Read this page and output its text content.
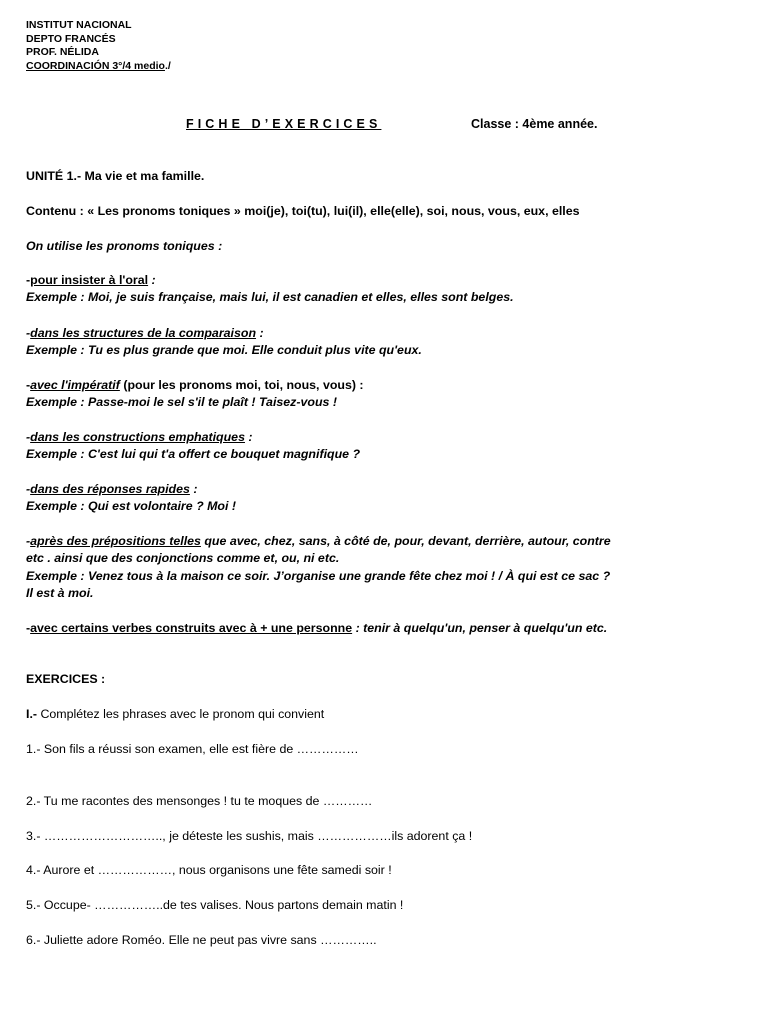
INSTITUT NACIONAL
DEPTO FRANCÉS
PROF. NÉLIDA
COORDINACIÓN 3°/4 medio./
FICHE D’EXERCICES	Classe : 4ème année.
UNITÉ 1.- Ma vie et ma famille.
Contenu : « Les pronoms toniques » moi(je), toi(tu), lui(il), elle(elle), soi, nous, vous, eux, elles
On utilise les pronoms toniques :
-pour insister à l'oral :
Exemple : Moi, je suis française, mais lui, il est canadien et elles, elles sont belges.
-dans les structures de la comparaison :
Exemple : Tu es plus grande que moi. Elle conduit plus vite qu'eux.
-avec l'impératif (pour les pronoms moi, toi, nous, vous) :
Exemple : Passe-moi le sel s'il te plaît ! Taisez-vous !
-dans les constructions emphatiques :
Exemple : C'est lui qui t'a offert ce bouquet magnifique ?
-dans des réponses rapides :
Exemple : Qui est volontaire ? Moi !
-après des prépositions telles que avec, chez, sans, à côté de, pour, devant, derrière, autour, contre
etc . ainsi que des conjonctions comme et, ou, ni etc.
Exemple : Venez tous à la maison ce soir. J’organise une grande fête chez moi ! / À qui est ce sac ?
Il est à moi.
-avec certains verbes construits avec à + une personne : tenir à quelqu'un, penser à quelqu'un etc.
EXERCICES :
I.- Complétez les phrases avec le pronom qui convient
1.- Son fils a réussi son examen, elle est fière de ……………
2.- Tu me racontes des mensonges ! tu te moques de …………
3.- ……………………….., je déteste les sushis, mais ………………ils adorent ça !
4.- Aurore et ………………, nous organisons une fête samedi soir !
5.- Occupe- ……………..de tes valises. Nous partons demain matin !
6.- Juliette adore Roméo. Elle ne peut pas vivre sans …………..
